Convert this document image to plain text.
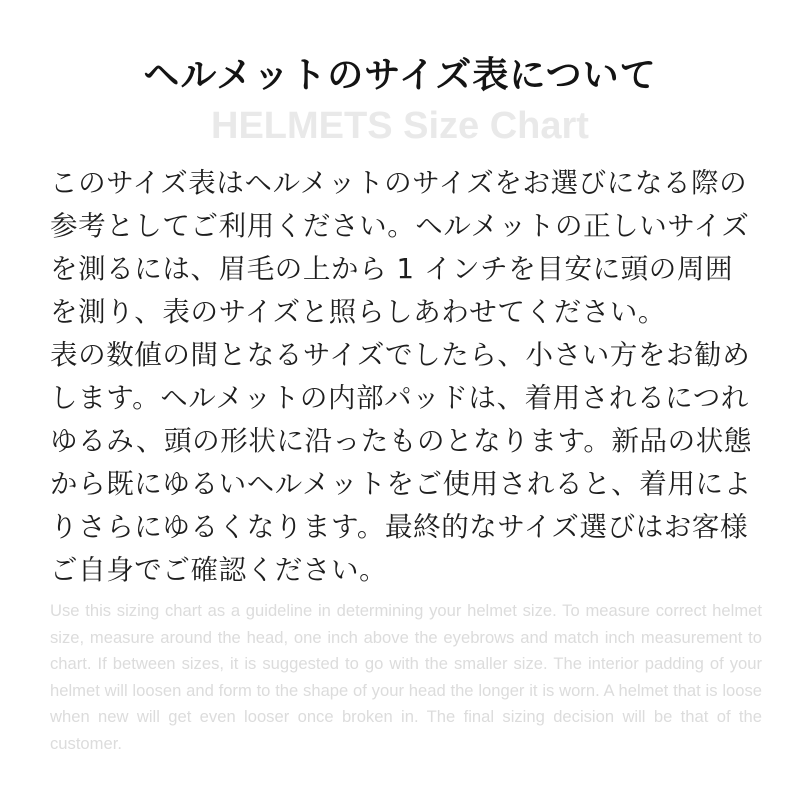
ヘルメットのサイズ表について
HELMETS Size Chart

このサイズ表はヘルメットのサイズをお選びになる際の参考としてご利用ください。ヘルメットの正しいサイズを測るには、眉毛の上から 1 インチを目安に頭の周囲を測り、表のサイズと照らしあわせてください。

表の数値の間となるサイズでしたら、小さい方をお勧めします。ヘルメットの内部パッドは、着用されるにつれゆるみ、頭の形状に沿ったものとなります。新品の状態から既にゆるいヘルメットをご使用されると、着用によりさらにゆるくなります。最終的なサイズ選びはお客様ご自身でご確認ください。

Use this sizing chart as a guideline in determining your helmet size. To measure correct helmet size, measure around the head, one inch above the eyebrows and match inch measurement to chart. If between sizes, it is suggested to go with the smaller size. The interior padding of your helmet will loosen and form to the shape of your head the longer it is worn. A helmet that is loose when new will get even looser once broken in. The final sizing decision will be that of the customer.
